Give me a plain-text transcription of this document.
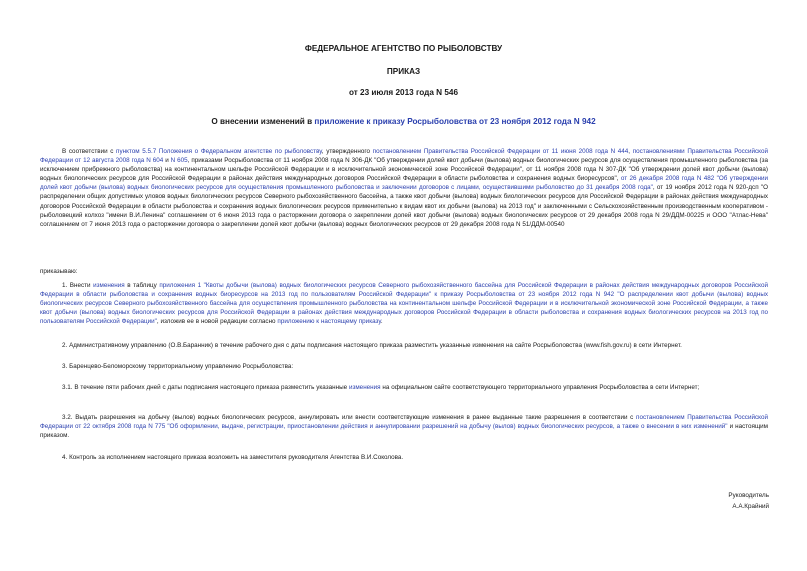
ФЕДЕРАЛЬНОЕ АГЕНТСТВО ПО РЫБОЛОВСТВУ
ПРИКАЗ
от 23 июля 2013 года N 546
О внесении изменений в приложение к приказу Росрыболовства от 23 ноября 2012 года N 942
В соответствии с пунктом 5.5.7 Положения о Федеральном агентстве по рыболовству, утвержденного постановлением Правительства Российской Федерации от 11 июня 2008 года N 444, постановлениями Правительства Российской Федерации от 12 августа 2008 года N 604 и N 605, приказами Росрыболовства от 11 ноября 2008 года N 306-ДК "Об утверждении долей квот добычи (вылова) водных биологических ресурсов для осуществления промышленного рыболовства (за исключением прибрежного рыболовства) на континентальном шельфе Российской Федерации и в исключительной экономической зоне Российской Федерации", от 11 ноября 2008 года N 307-ДК "Об утверждении долей квот добычи (вылова) водных биологических ресурсов для Российской Федерации в районах действия международных договоров Российской Федерации в области рыболовства и сохранения водных биоресурсов", от 26 декабря 2008 года N 482 "Об утверждении долей квот добычи (вылова) водных биологических ресурсов для осуществления промышленного рыболовства и заключении договоров с лицами, осуществившими рыболовство до 31 декабря 2008 года", от 19 ноября 2012 года N 920-дсп "О распределении общих допустимых уловов водных биологических ресурсов Северного рыбохозяйственного бассейна, а также квот добычи (вылова) водных биологических ресурсов для Российской Федерации в районах действия международных договоров Российской Федерации в области рыболовства и сохранения водных биологических ресурсов применительно к видам квот их добычи (вылова) на 2013 год" и заключенными с Сельскохозяйственным производственным кооперативом - рыболовецкий колхоз "имени В.И.Ленина" соглашением от 6 июня 2013 года о расторжении договора о закреплении долей квот добычи (вылова) водных биологических ресурсов от 29 декабря 2008 года N 29/ДДМ-00225 и ООО "Атлас-Нева" соглашением от 7 июня 2013 года о расторжении договора о закреплении долей квот добычи (вылова) водных биологических ресурсов от 29 декабря 2008 года N 51/ДДМ-00540
приказываю:
1. Внести изменения в таблицу приложения 1 "Квоты добычи (вылова) водных биологических ресурсов Северного рыбохозяйственного бассейна для Российской Федерации в районах действия международных договоров Российской Федерации в области рыболовства и сохранения водных биоресурсов на 2013 год по пользователям Российской Федерации" к приказу Росрыболовства от 23 ноября 2012 года N 942 "О распределении квот добычи (вылова) водных биологических ресурсов Северного рыбохозяйственного бассейна для осуществления промышленного рыболовства на континентальном шельфе Российской Федерации и в исключительной экономической зоне Российской Федерации, а также квот добычи (вылова) водных биологических ресурсов для Российской Федерации в районах действия международных договоров Российской Федерации в области рыболовства и сохранения водных биологических ресурсов на 2013 год по пользователям Российской Федерации", изложив ее в новой редакции согласно приложению к настоящему приказу.
2. Административному управлению (О.В.Баранник) в течение рабочего дня с даты подписания настоящего приказа разместить указанные изменения на сайте Росрыболовства (www.fish.gov.ru) в сети Интернет.
3. Баренцево-Беломорскому территориальному управлению Росрыболовства:
3.1. В течение пяти рабочих дней с даты подписания настоящего приказа разместить указанные изменения на официальном сайте соответствующего территориального управления Росрыболовства в сети Интернет;
3.2. Выдать разрешения на добычу (вылов) водных биологических ресурсов, аннулировать или внести соответствующие изменения в ранее выданные такие разрешения в соответствии с постановлением Правительства Российской Федерации от 22 октября 2008 года N 775 "Об оформлении, выдаче, регистрации, приостановлении действия и аннулировании разрешений на добычу (вылов) водных биологических ресурсов, а также о внесении в них изменений" и настоящим приказом.
4. Контроль за исполнением настоящего приказа возложить на заместителя руководителя Агентства В.И.Соколова.
Руководитель
А.А.Крайний
